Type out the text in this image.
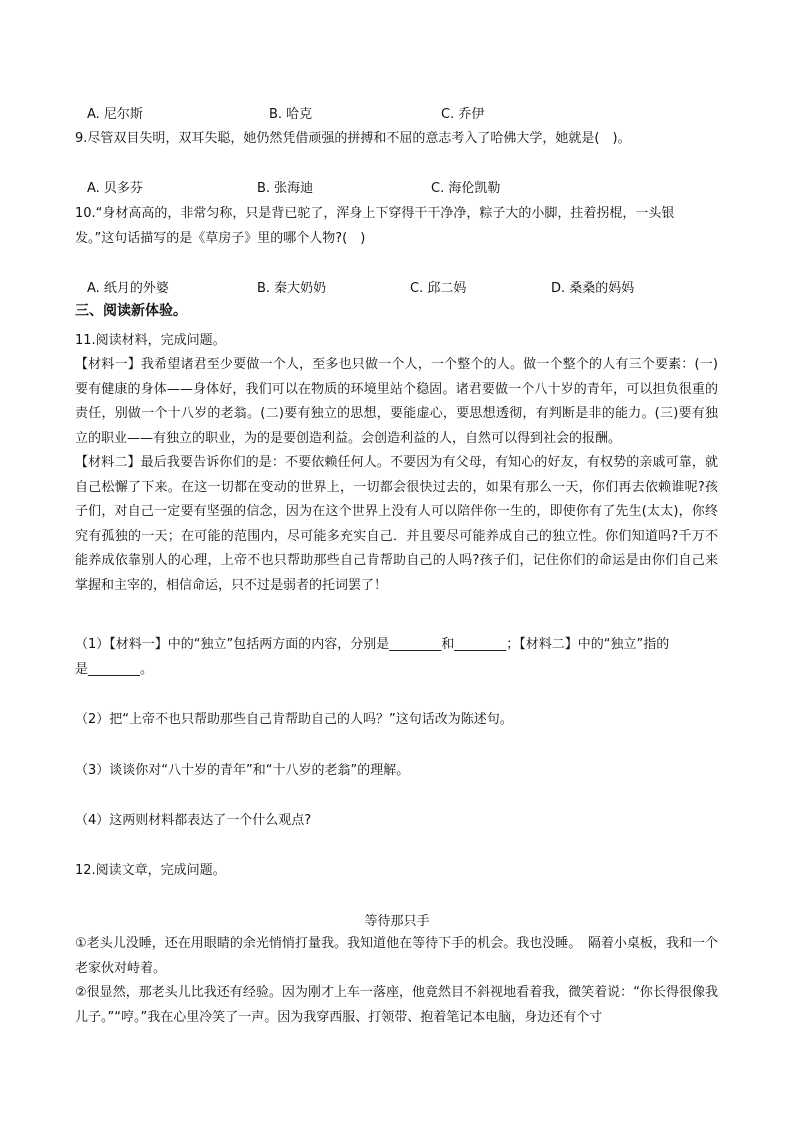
A. 尼尔斯	B. 哈克	C. 乔伊
9.尽管双目失明，双耳失聪，她仍然凭借顽强的拼搏和不屈的意志考入了哈佛大学，她就是(　)。
A. 贝多芬	B. 张海迪	C. 海伦凯勒
10.“身材高高的，非常匀称，只是背已驼了，浑身上下穿得干干净净，粽子大的小脚，拄着拐棍，一头银
发。”这句话描写的是《草房子》里的哪个人物?(　)
A. 纸月的外婆	B. 秦大奶奶	C. 邱二妈	D. 桑桑的妈妈
三、阅读新体验。
11.阅读材料，完成问题。
【材料一】我希望诸君至少要做一个人，至多也只做一个人，一个整个的人。做一个整个的人有三个要素：(一)要有健康的身体——身体好，我们可以在物质的环境里站个稳固。诸君要做一个八十岁的青年，可以担负很重的责任，别做一个十八岁的老翁。(二)要有独立的思想，要能虚心，要思想透彻，有判断是非的能力。(三)要有独立的职业——有独立的职业，为的是要创造利益。会创造利益的人，自然可以得到社会的报酬。
【材料二】最后我要告诉你们的是：不要依赖任何人。不要因为有父母，有知心的好友，有权势的亲戚可靠，就自己松懈了下来。在这一切都在变动的世界上，一切都会很快过去的，如果有那么一天，你们再去依赖谁呢?孩子们，对自己一定要有坚强的信念，因为在这个世界上没有人可以陪伴你一生的，即使你有了先生(太太)，你终究有孤独的一天；在可能的范围内，尽可能多充实自己．并且要尽可能养成自己的独立性。你们知道吗?千万不能养成依靠别人的心理，上帝不也只帮助那些自己肯帮助自己的人吗?孩子们，记住你们的命运是由你们自己来掌握和主宰的，相信命运，只不过是弱者的托词罢了！
（1）【材料一】中的“独立”包括两方面的内容，分别是________和________；【材料二】中的“独立”指的
是________。
（2）把“上帝不也只帮助那些自己肯帮助自己的人吗？”这句话改为陈述句。
（3）谈谈你对“八十岁的青年”和“十八岁的老翁”的理解。
（4）这两则材料都表达了一个什么观点?
12.阅读文章，完成问题。
等待那只手
①老头儿没睡，还在用眼睛的余光悄悄打量我。我知道他在等待下手的机会。我也没睡。　隔着小桌板，我和一个老家伙对峙着。
②很显然，那老头儿比我还有经验。因为刚才上车一落座，他竟然目不斜视地看着我，微笑着说：“你长得很像我儿子。”“哼。”我在心里冷笑了一声。因为我穿西服、打领带、抱着笔记本电脑，身边还有个寸
